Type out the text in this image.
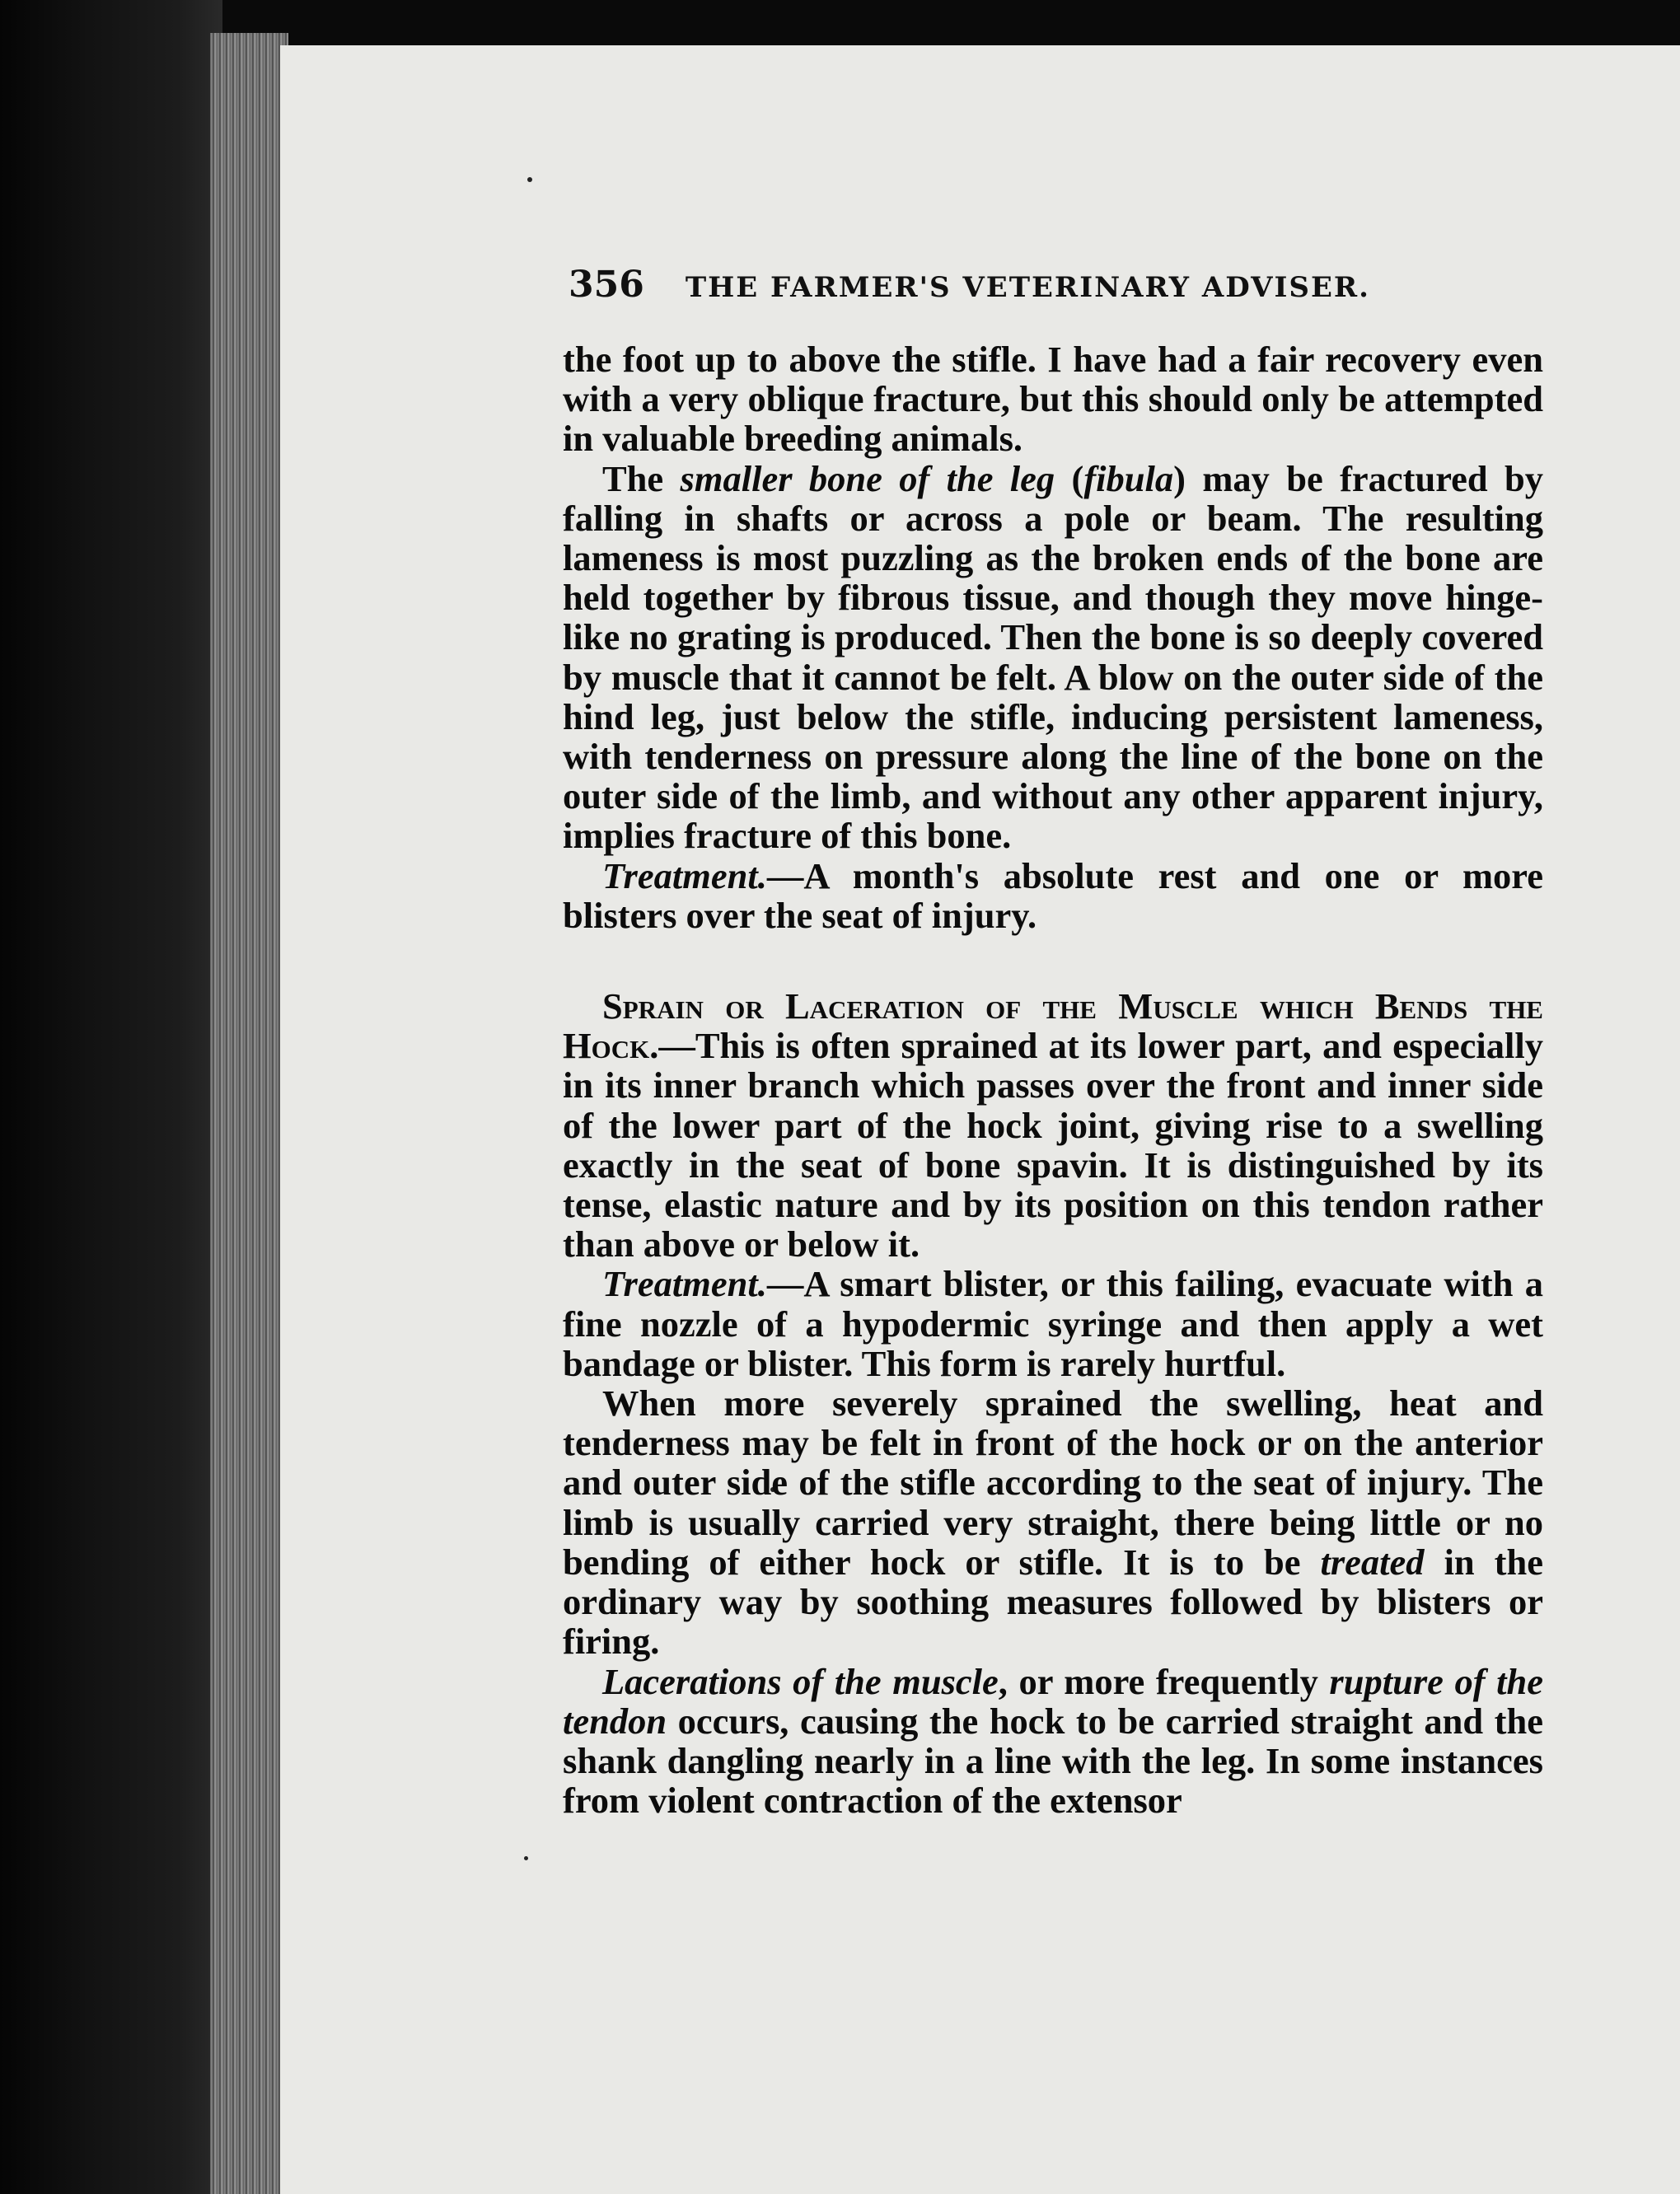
356 THE FARMER'S VETERINARY ADVISER.

the foot up to above the stifle. I have had a fair recovery even with a very oblique fracture, but this should only be attempted in valuable breeding animals.

The smaller bone of the leg (fibula) may be fractured by falling in shafts or across a pole or beam. The resulting lameness is most puzzling as the broken ends of the bone are held together by fibrous tissue, and though they move hinge-like no grating is produced. Then the bone is so deeply covered by muscle that it cannot be felt. A blow on the outer side of the hind leg, just below the stifle, inducing persistent lameness, with tenderness on pressure along the line of the bone on the outer side of the limb, and without any other apparent injury, implies fracture of this bone.

Treatment.—A month's absolute rest and one or more blisters over the seat of injury.

Sprain or Laceration of the Muscle which Bends the Hock.—This is often sprained at its lower part, and especially in its inner branch which passes over the front and inner side of the lower part of the hock joint, giving rise to a swelling exactly in the seat of bone spavin. It is distinguished by its tense, elastic nature and by its position on this tendon rather than above or below it.

Treatment.—A smart blister, or this failing, evacuate with a fine nozzle of a hypodermic syringe and then apply a wet bandage or blister. This form is rarely hurtful.

When more severely sprained the swelling, heat and tenderness may be felt in front of the hock or on the anterior and outer side of the stifle according to the seat of injury. The limb is usually carried very straight, there being little or no bending of either hock or stifle. It is to be treated in the ordinary way by soothing measures followed by blisters or firing.

Lacerations of the muscle, or more frequently rupture of the tendon occurs, causing the hock to be carried straight and the shank dangling nearly in a line with the leg. In some instances from violent contraction of the extensor
